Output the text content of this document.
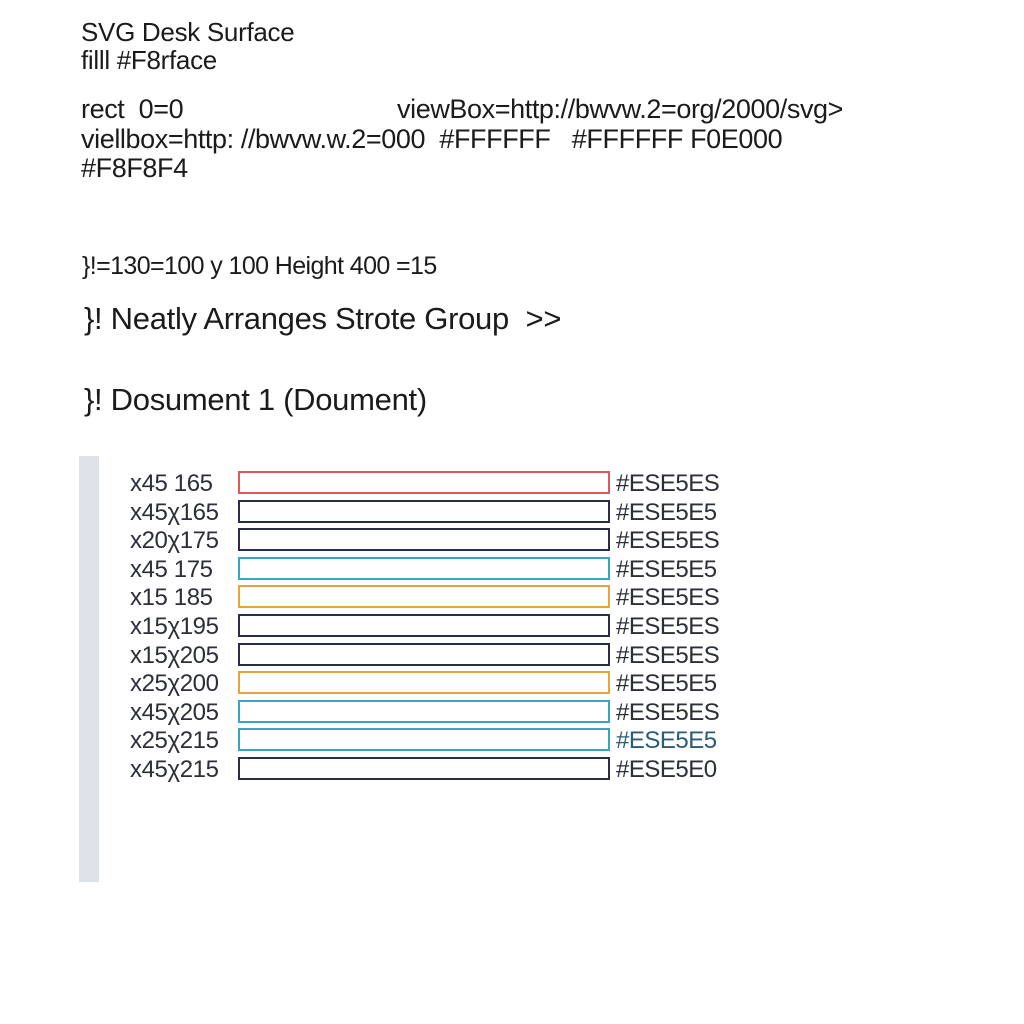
SVG Desk Surface
filll #F8rface
rect  0=0	viewBox=http://bwvw.2=org/2000/svg>
viellbox=http: //bwvw.w.2=000  #FFFFFF   #FFFFFF F0E000
#F8F8F4
}!=130=100 y 100 Height 400 =15
}! Neatly Arranges Strote Group  >>
}! Dosument 1 (Doument)
x45 165	#ESE5ES
x45χ165	#ESE5E5
x20χ175	#ESE5ES
x45 175	#ESE5E5
x15 185	#ESE5ES
x15χ195	#ESE5ES
x15χ205	#ESE5ES
x25χ200	#ESE5E5
x45χ205	#ESE5ES
x25χ215	#ESE5E5
x45χ215	#ESE5E0
